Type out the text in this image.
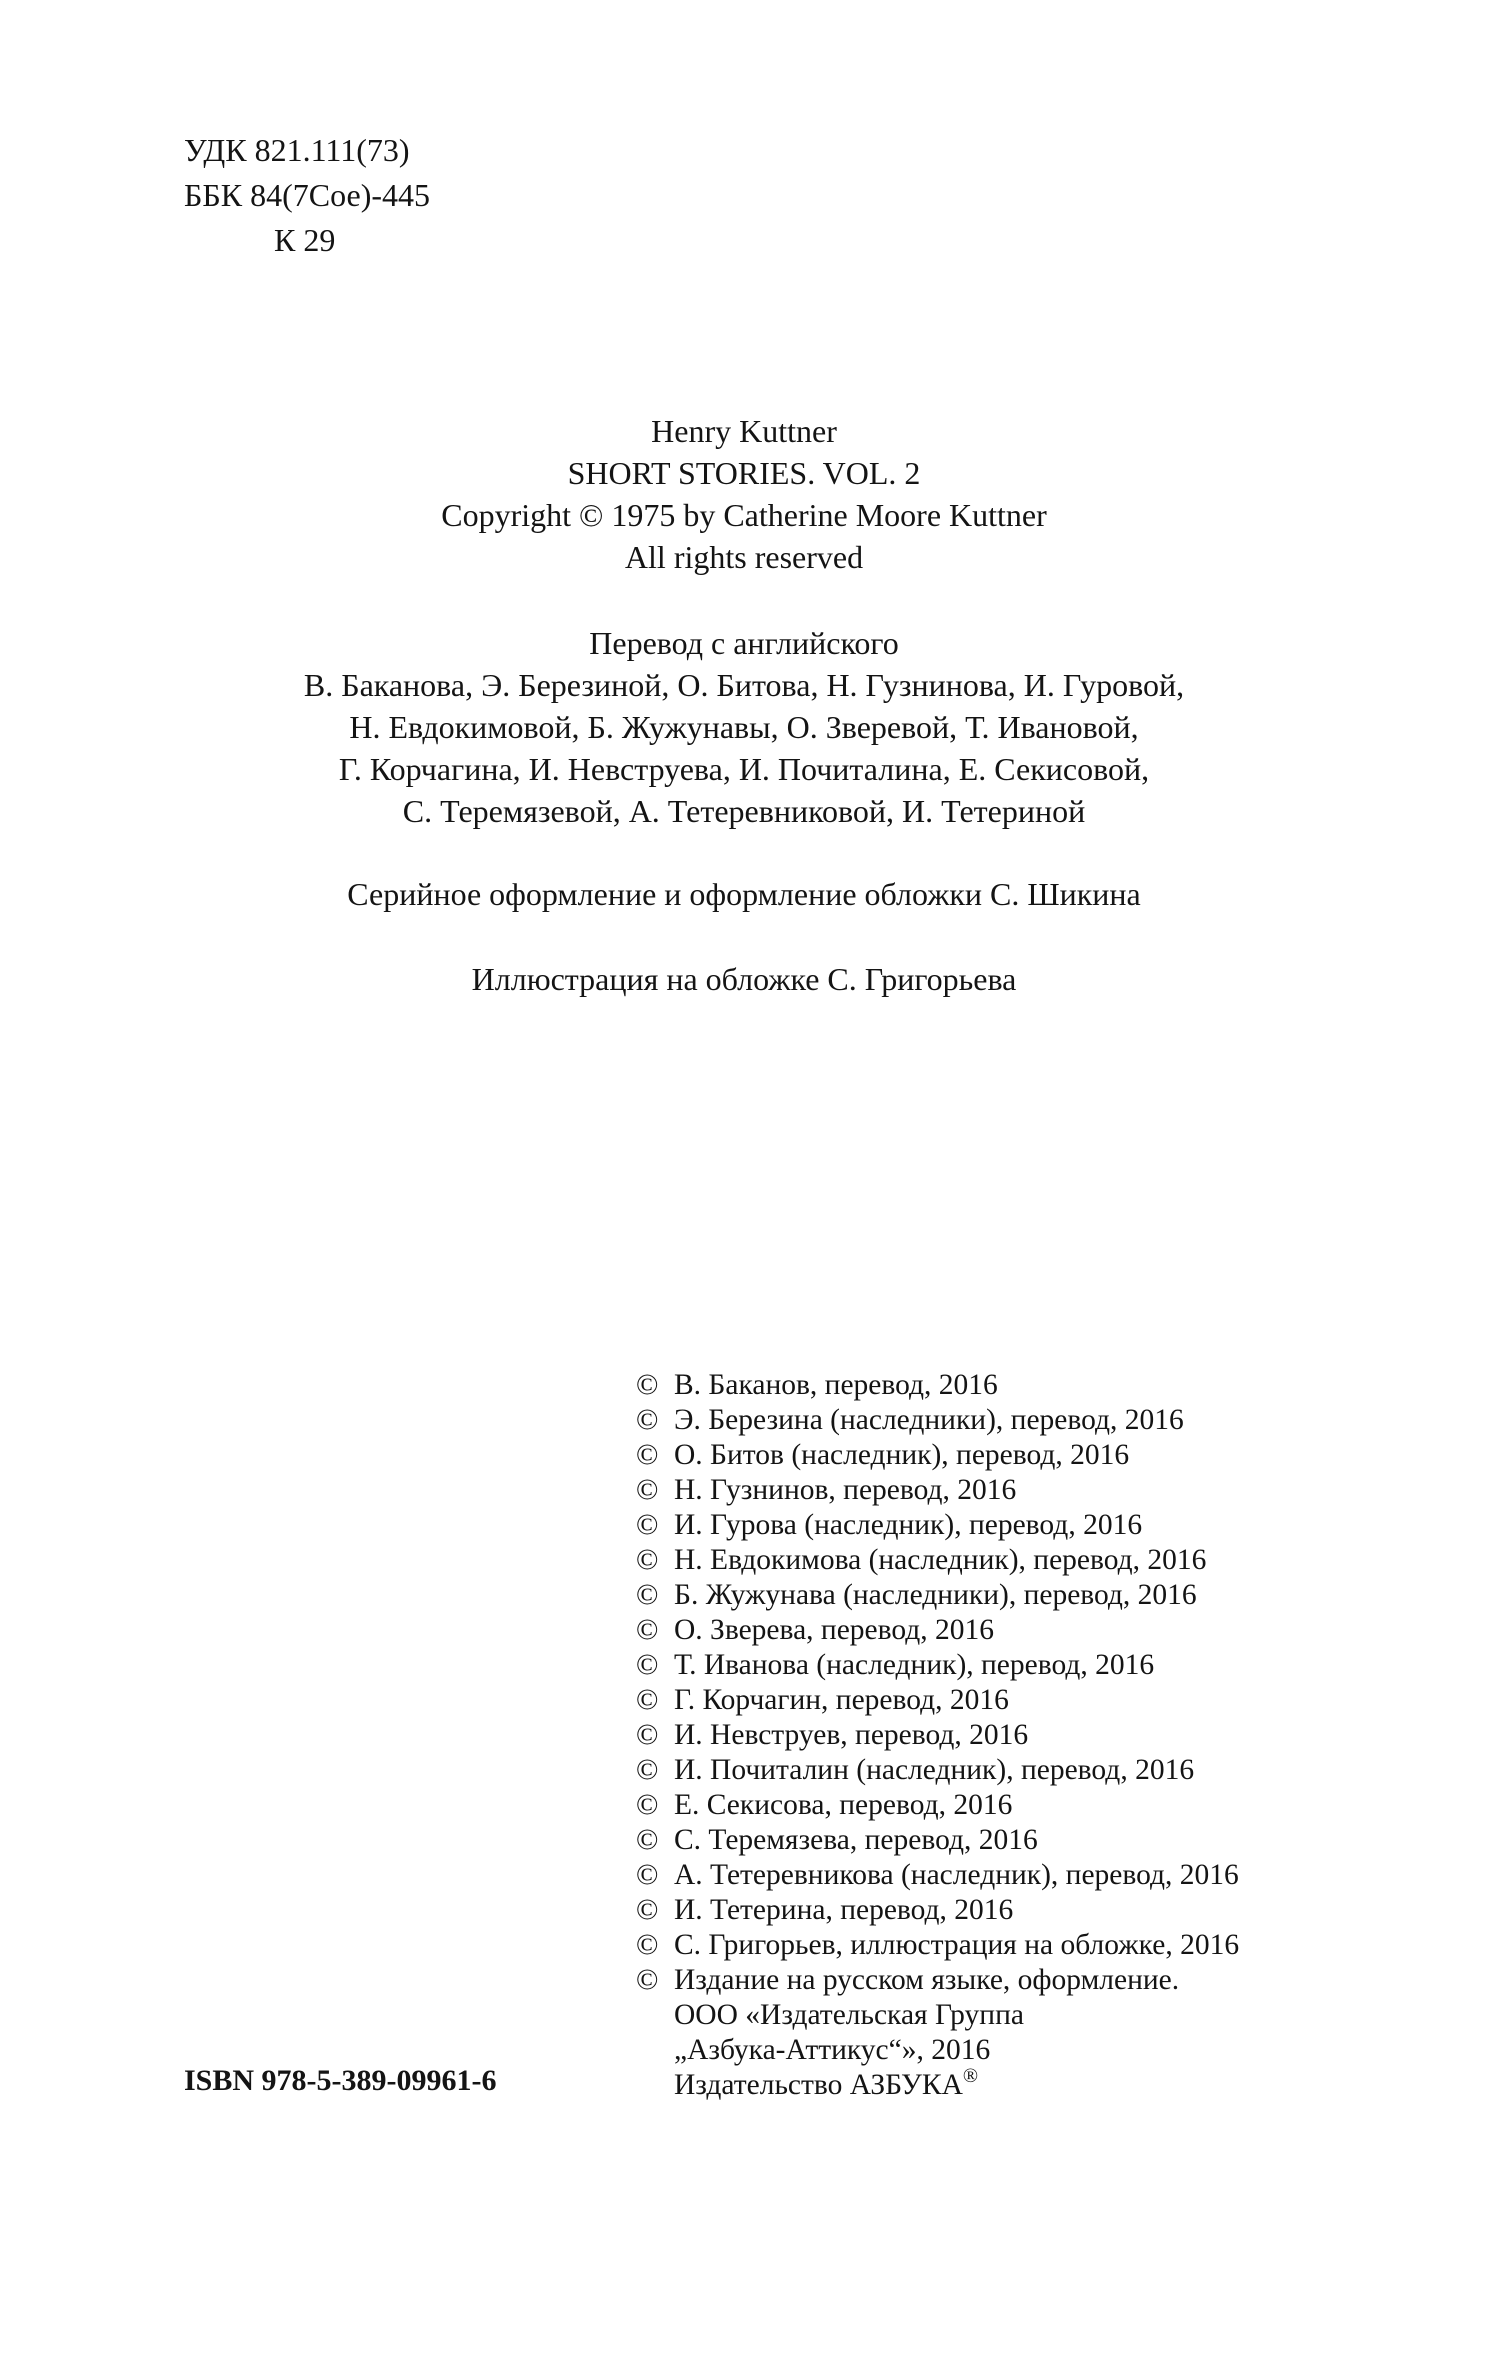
УДК 821.111(73)
ББК 84(7Сое)-445
К 29
Henry Kuttner
SHORT STORIES. VOL. 2
Copyright © 1975 by Catherine Moore Kuttner
All rights reserved
Перевод с английского
В. Баканова, Э. Березиной, О. Битова, Н. Гузнинова, И. Гуровой,
Н. Евдокимовой, Б. Жужунавы, О. Зверевой, Т. Ивановой,
Г. Корчагина, И. Невструева, И. Почиталина, Е. Секисовой,
С. Теремязевой, А. Тетеревниковой, И. Тетериной
Серийное оформление и оформление обложки С. Шикина
Иллюстрация на обложке С. Григорьева
© В. Баканов, перевод, 2016
© Э. Березина (наследники), перевод, 2016
© О. Битов (наследник), перевод, 2016
© Н. Гузнинов, перевод, 2016
© И. Гурова (наследник), перевод, 2016
© Н. Евдокимова (наследник), перевод, 2016
© Б. Жужунава (наследники), перевод, 2016
© О. Зверева, перевод, 2016
© Т. Иванова (наследник), перевод, 2016
© Г. Корчагин, перевод, 2016
© И. Невструев, перевод, 2016
© И. Почиталин (наследник), перевод, 2016
© Е. Секисова, перевод, 2016
© С. Теремязева, перевод, 2016
© А. Тетеревникова (наследник), перевод, 2016
© И. Тетерина, перевод, 2016
© С. Григорьев, иллюстрация на обложке, 2016
© Издание на русском языке, оформление.
ООО «Издательская Группа
„Азбука-Аттикус“», 2016
Издательство АЗБУКА®
ISBN 978-5-389-09961-6
